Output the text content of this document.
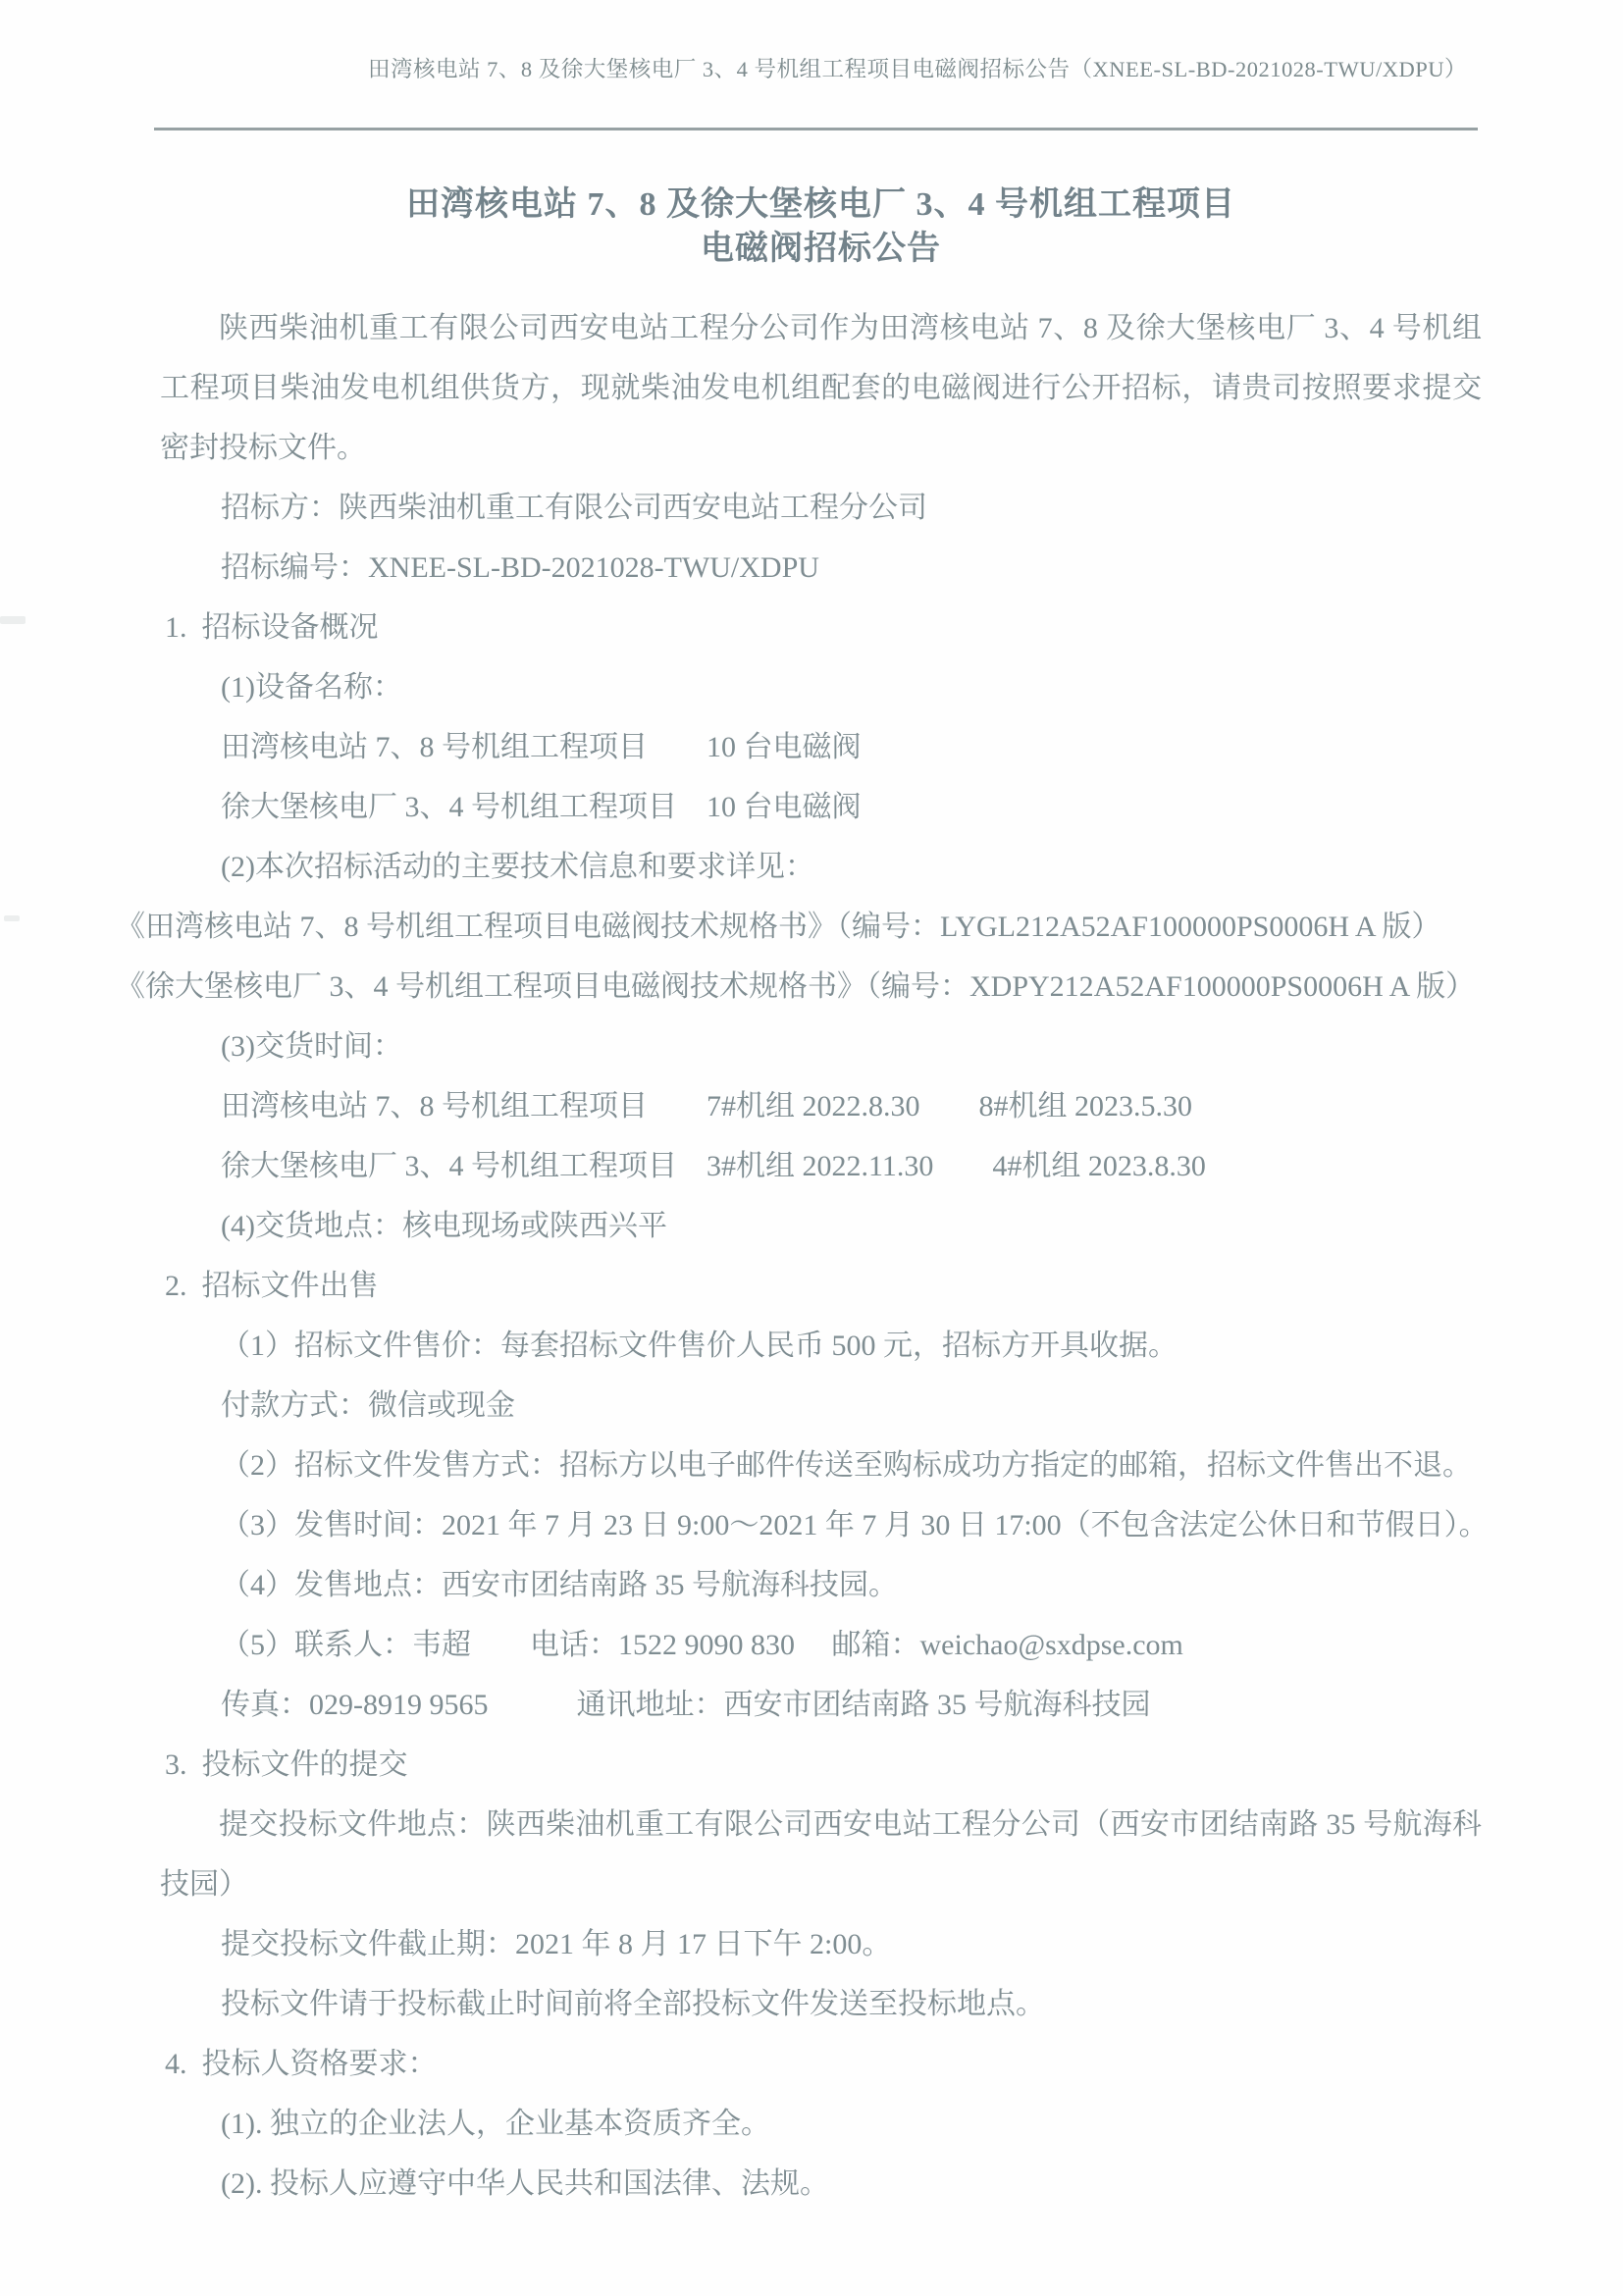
田湾核电站 7、8 及徐大堡核电厂 3、4 号机组工程项目电磁阀招标公告（XNEE-SL-BD-2021028-TWU/XDPU）
田湾核电站 7、8 及徐大堡核电厂 3、4 号机组工程项目
电磁阀招标公告

陕西柴油机重工有限公司西安电站工程分公司作为田湾核电站 7、8 及徐大堡核电厂 3、4 号机组工程项目柴油发电机组供货方，现就柴油发电机组配套的电磁阀进行公开招标，请贵司按照要求提交密封投标文件。

招标方：陕西柴油机重工有限公司西安电站工程分公司
招标编号：XNEE-SL-BD-2021028-TWU/XDPU
1.  招标设备概况
(1)设备名称：
田湾核电站 7、8 号机组工程项目　　10 台电磁阀
徐大堡核电厂 3、4 号机组工程项目　10 台电磁阀
(2)本次招标活动的主要技术信息和要求详见：
《田湾核电站 7、8 号机组工程项目电磁阀技术规格书》（编号：LYGL212A52AF100000PS0006H A 版）
《徐大堡核电厂 3、4 号机组工程项目电磁阀技术规格书》（编号：XDPY212A52AF100000PS0006H A 版）
(3)交货时间：
田湾核电站 7、8 号机组工程项目　　7#机组 2022.8.30　　8#机组 2023.5.30
徐大堡核电厂 3、4 号机组工程项目　3#机组 2022.11.30　　4#机组 2023.8.30
(4)交货地点：核电现场或陕西兴平
2.  招标文件出售
（1）招标文件售价：每套招标文件售价人民币 500 元，招标方开具收据。
付款方式：微信或现金
（2）招标文件发售方式：招标方以电子邮件传送至购标成功方指定的邮箱，招标文件售出不退。
（3）发售时间：2021 年 7 月 23 日 9:00～2021 年 7 月 30 日 17:00（不包含法定公休日和节假日）。
（4）发售地点：西安市团结南路 35 号航海科技园。
（5）联系人：韦超　　电话：1522 9090 830　 邮箱：weichao@sxdpse.com
传真：029-8919 9565　　　通讯地址：西安市团结南路 35 号航海科技园
3.  投标文件的提交

提交投标文件地点：陕西柴油机重工有限公司西安电站工程分公司（西安市团结南路 35 号航海科技园）

提交投标文件截止期：2021 年 8 月 17 日下午 2:00。
投标文件请于投标截止时间前将全部投标文件发送至投标地点。
4.  投标人资格要求：
(1). 独立的企业法人，企业基本资质齐全。
(2). 投标人应遵守中华人民共和国法律、法规。
